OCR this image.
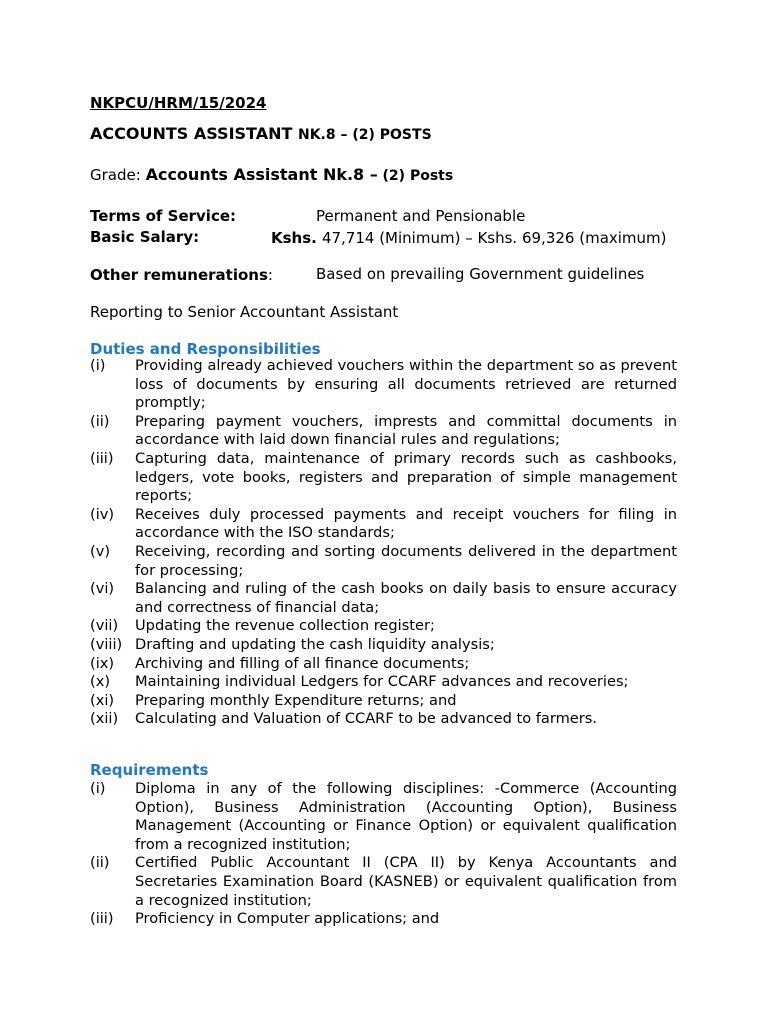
NKPCU/HRM/15/2024
ACCOUNTS ASSISTANT NK.8 – (2) POSTS
Grade: Accounts Assistant Nk.8 – (2) Posts
Terms of Service:	Permanent and Pensionable
Basic Salary:	Kshs. 47,714 (Minimum) – Kshs. 69,326 (maximum)
Other remunerations:	Based on prevailing Government guidelines
Reporting to Senior Accountant Assistant
Duties and Responsibilities
(i)	Providing already achieved vouchers within the department so as prevent loss of documents by ensuring all documents retrieved are returned promptly;
(ii)	Preparing payment vouchers, imprests and committal documents in accordance with laid down financial rules and regulations;
(iii)	Capturing data, maintenance of primary records such as cashbooks, ledgers, vote books, registers and preparation of simple management reports;
(iv)	Receives duly processed payments and receipt vouchers for filing in accordance with the ISO standards;
(v)	Receiving, recording and sorting documents delivered in the department for processing;
(vi)	Balancing and ruling of the cash books on daily basis to ensure accuracy and correctness of financial data;
(vii)	Updating the revenue collection register;
(viii) Drafting and updating the cash liquidity analysis;
(ix)	Archiving and filling of all finance documents;
(x)	Maintaining individual Ledgers for CCARF advances and recoveries;
(xi)	Preparing monthly Expenditure returns; and
(xii)	Calculating and Valuation of CCARF to be advanced to farmers.
Requirements
(i)	Diploma in any of the following disciplines: -Commerce (Accounting Option), Business Administration (Accounting Option), Business Management (Accounting or Finance Option) or equivalent qualification from a recognized institution;
(ii)	Certified Public Accountant II (CPA II) by Kenya Accountants and Secretaries Examination Board (KASNEB) or equivalent qualification from a recognized institution;
(iii)	Proficiency in Computer applications; and
